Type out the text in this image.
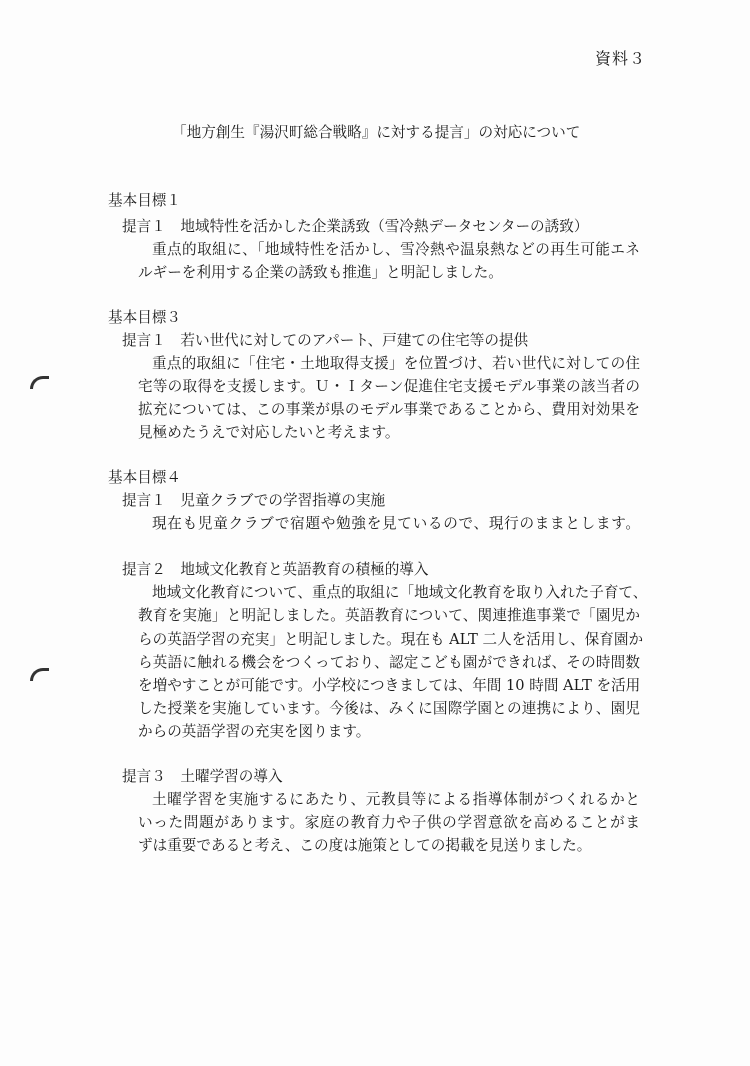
資料３
「地方創生『湯沢町総合戦略』に対する提言」の対応について
基本目標１
提言１　地域特性を活かした企業誘致（雪冷熱データセンターの誘致）
重点的取組に、「地域特性を活かし、雪冷熱や温泉熱などの再生可能エネ
ルギーを利用する企業の誘致も推進」と明記しました。
基本目標３
提言１　若い世代に対してのアパート、戸建ての住宅等の提供
重点的取組に「住宅・土地取得支援」を位置づけ、若い世代に対しての住
宅等の取得を支援します。Ｕ・Ｉターン促進住宅支援モデル事業の該当者の
拡充については、この事業が県のモデル事業であることから、費用対効果を
見極めたうえで対応したいと考えます。
基本目標４
提言１　児童クラブでの学習指導の実施
現在も児童クラブで宿題や勉強を見ているので、現行のままとします。
提言２　地域文化教育と英語教育の積極的導入
地域文化教育について、重点的取組に「地域文化教育を取り入れた子育て、
教育を実施」と明記しました。英語教育について、関連推進事業で「園児か
らの英語学習の充実」と明記しました。現在も ALT 二人を活用し、保育園か
ら英語に触れる機会をつくっており、認定こども園ができれば、その時間数
を増やすことが可能です。小学校につきましては、年間 10 時間 ALT を活用
した授業を実施しています。今後は、みくに国際学園との連携により、園児
からの英語学習の充実を図ります。
提言３　土曜学習の導入
土曜学習を実施するにあたり、元教員等による指導体制がつくれるかと
いった問題があります。家庭の教育力や子供の学習意欲を高めることがま
ずは重要であると考え、この度は施策としての掲載を見送りました。
